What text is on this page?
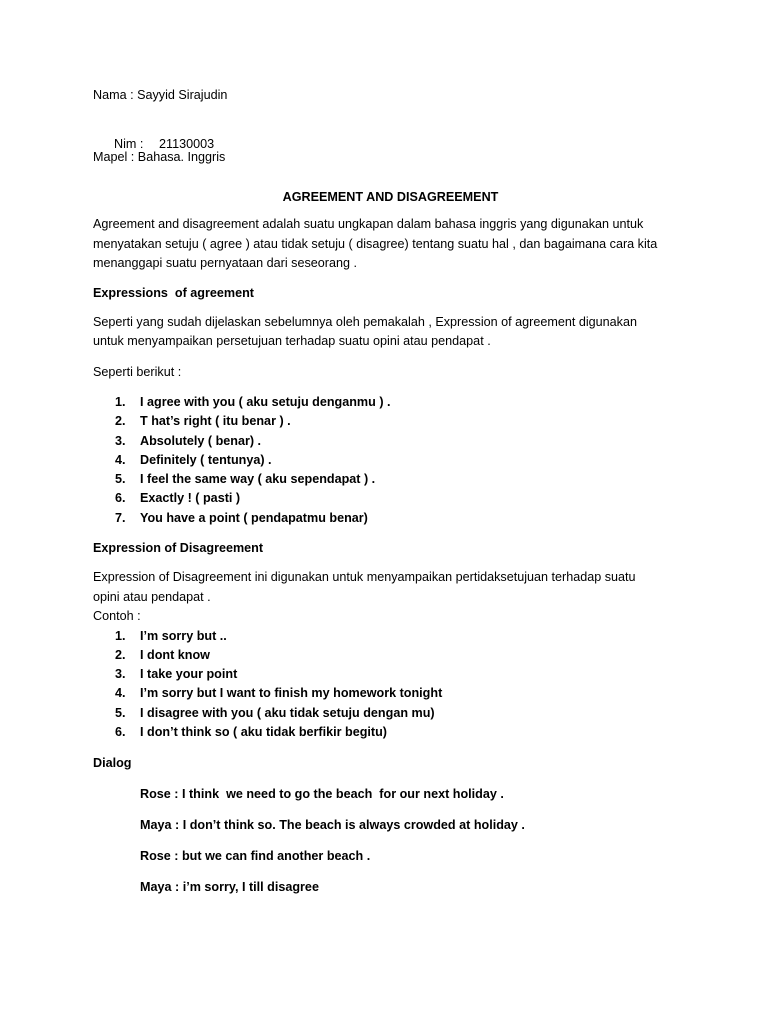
Nama : Sayyid Sirajudin

Nim : 21130003

Mapel : Bahasa. Inggris
AGREEMENT AND DISAGREEMENT
Agreement and disagreement adalah suatu ungkapan dalam bahasa inggris yang digunakan untuk
menyatakan setuju ( agree ) atau tidak setuju ( disagree) tentang suatu hal , dan bagaimana cara kita
menanggapi suatu pernyataan dari seseorang .
Expressions  of agreement
Seperti yang sudah dijelaskan sebelumnya oleh pemakalah , Expression of agreement digunakan
untuk menyampaikan persetujuan terhadap suatu opini atau pendapat .
Seperti berikut :
1. I agree with you ( aku setuju denganmu ) .
2. T hat’s right ( itu benar ) .
3. Absolutely ( benar) .
4. Definitely ( tentunya) .
5. I feel the same way ( aku sependapat ) .
6. Exactly ! ( pasti )
7. You have a point ( pendapatmu benar)
Expression of Disagreement
Expression of Disagreement ini digunakan untuk menyampaikan pertidaksetujuan terhadap suatu
opini atau pendapat .
Contoh :
1. I’m sorry but ..
2. I dont know
3. I take your point
4. I’m sorry but I want to finish my homework tonight
5. I disagree with you ( aku tidak setuju dengan mu)
6. I don’t think so ( aku tidak berfikir begitu)
Dialog
Rose : I think  we need to go the beach  for our next holiday .
Maya : I don’t think so. The beach is always crowded at holiday .
Rose : but we can find another beach .
Maya : i’m sorry, I till disagree
